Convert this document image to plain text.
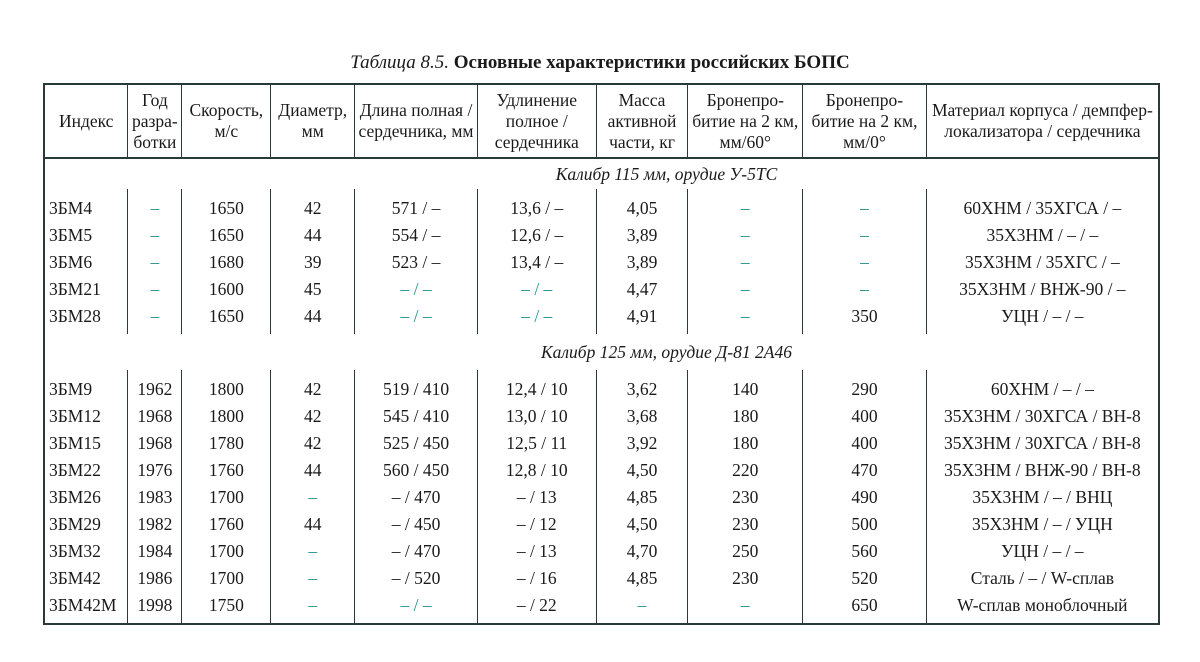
Таблица 8.5. Основные характеристики российских БОПС
Индекс	Год разра-ботки	Скорость, м/с	Диаметр, мм	Длина полная / сердечника, мм	Удлинение полное / сердечника	Масса активной части, кг	Бронепро-битие на 2 км, мм/60°	Бронепро-битие на 2 км, мм/0°	Материал корпуса / демпфер-локализатора / сердечника
Калибр 115 мм, орудие У-5ТС									
3БМ4	–	1650	42	571 / –	13,6 / –	4,05	–	–	60ХНМ / 35ХГСА / –
3БМ5	–	1650	44	554 / –	12,6 / –	3,89	–	–	35Х3НМ / – / –
3БМ6	–	1680	39	523 / –	13,4 / –	3,89	–	–	35Х3НМ / 35ХГС / –
3БМ21	–	1600	45	– / –	– / –	4,47	–	–	35Х3НМ / ВНЖ-90 / –
3БМ28	–	1650	44	– / –	– / –	4,91	–	350	УЦН / – / –
Калибр 125 мм, орудие Д-81 2А46									
3БМ9	1962	1800	42	519 / 410	12,4 / 10	3,62	140	290	60ХНМ / – / –
3БМ12	1968	1800	42	545 / 410	13,0 / 10	3,68	180	400	35Х3НМ / 30ХГСА / ВН-8
3БМ15	1968	1780	42	525 / 450	12,5 / 11	3,92	180	400	35Х3НМ / 30ХГСА / ВН-8
3БМ22	1976	1760	44	560 / 450	12,8 / 10	4,50	220	470	35Х3НМ / ВНЖ-90 / ВН-8
3БМ26	1983	1700	–	– / 470	– / 13	4,85	230	490	35Х3НМ / – / ВНЦ
3БМ29	1982	1760	44	– / 450	– / 12	4,50	230	500	35Х3НМ / – / УЦН
3БМ32	1984	1700	–	– / 470	– / 13	4,70	250	560	УЦН / – / –
3БМ42	1986	1700	–	– / 520	– / 16	4,85	230	520	Сталь / – / W-сплав
3БМ42М	1998	1750	–	– / –	– / 22	–	–	650	W-сплав моноблочный
